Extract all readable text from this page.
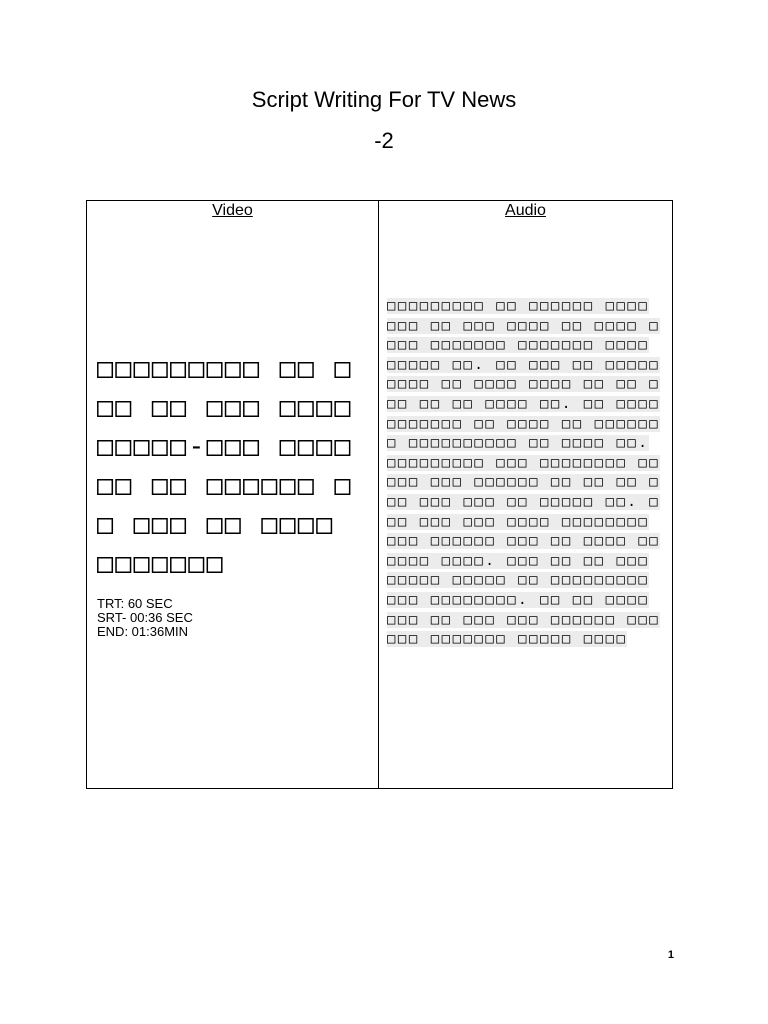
Script Writing For TV News
-2
Video
□□□□□□□□□ □□ □□□ □□ □□□ □□□□ □□□□□-□□□ □□□□□□ □□ □□□□□□ □□ □□□ □□ □□□□ □□□□□□□
TRT: 60 SEC
SRT- 00:36 SEC
END: 01:36MIN
Audio
□□□□□□□□□ □□ □□□□□□ □□□□ □□□ □□ □□□ □□□□ □□ □□□□ □□□□ □□□□□□□ □□□□□□□ □□□□ □□□□□ □□. □□ □□□ □□ □□□□□□□□□ □□ □□□□ □□□□ □□ □□ □□□ □□ □□ □□□□ □□. □□ □□□□ □□□□□□□ □□ □□□□ □□ □□□□□□□ □□□□□□□□□□ □□ □□□□ □□. □□□□□□□□□ □□□ □□□□□□□□ □□ □□□ □□□ □□□□□□ □□ □□ □□ □□□ □□□ □□□ □□ □□□□□ □□. □□□ □□□ □□□ □□□□ □□□□□□□□ □□□ □□□□□□ □□□ □□ □□□□ □□□□□□ □□□□. □□□ □□ □□ □□□ □□□□□ □□□□□ □□ □□□□□□□□□ □□□ □□□□□□□□. □□ □□ □□□□ □□□ □□ □□□ □□□ □□□□□□ □□□□□□ □□□□□□□ □□□□□ □□□□
1
